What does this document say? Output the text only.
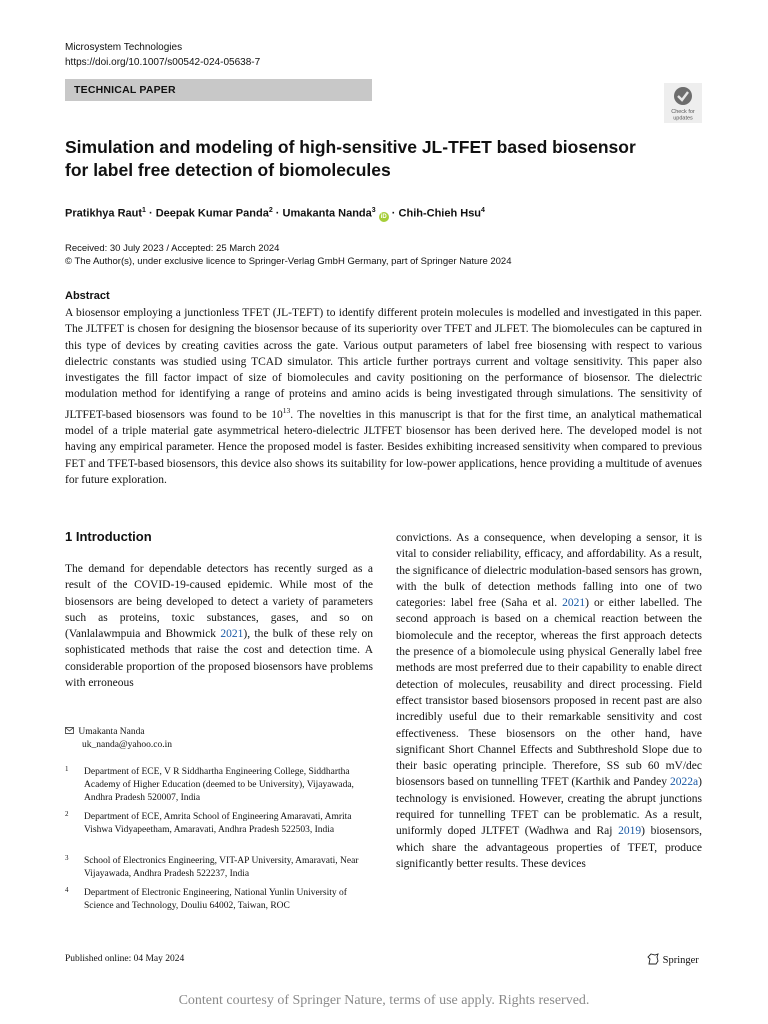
Microsystem Technologies
https://doi.org/10.1007/s00542-024-05638-7
TECHNICAL PAPER
Check for
updates
Simulation and modeling of high-sensitive JL-TFET based biosensor
for label free detection of biomolecules
Pratikhya Raut$^1$ · Deepak Kumar Panda$^2$ · Umakanta Nanda$^3$ iD · Chih-Chieh Hsu$^4$
Received: 30 July 2023 / Accepted: 25 March 2024
© The Author(s), under exclusive licence to Springer-Verlag GmbH Germany, part of Springer Nature 2024
Abstract
A biosensor employing a junctionless TFET (JL-TEFT) to identify different protein molecules is modelled and investigated in this paper. The JLTFET is chosen for designing the biosensor because of its superiority over TFET and JLFET. The biomolecules can be captured in this type of devices by creating cavities across the gate. Various output parameters of label free biosensing with respect to various dielectric constants was studied using TCAD simulator. This article further portrays current and voltage sensitivity. This paper also investigates the fill factor impact of size of biomolecules and cavity positioning on the performance of biosensor. The dielectric modulation method for identifying a range of proteins and amino acids is being investigated through simulations. The sensitivity of JLTFET-based biosensors was found to be $10^{13}$. The novelties in this manuscript is that for the first time, an analytical mathematical model of a triple material gate asymmetrical hetero-dielectric JLTFET biosensor has been derived here. The developed model is not having any empirical parameter. Hence the proposed model is faster. Besides exhibiting increased sensitivity when compared to previous FET and TFET-based biosensors, this device also shows its suitability for low-power applications, hence providing a multitude of avenues for future exploration.
1 Introduction
The demand for dependable detectors has recently surged as a result of the COVID-19-caused epidemic. While most of the biosensors are being developed to detect a variety of parameters such as proteins, toxic substances, gases, and so on (Vanlalawmpuia and Bhowmick 2021), the bulk of these rely on sophisticated methods that raise the cost and detection time. A considerable proportion of the proposed biosensors have problems with erroneous
convictions. As a consequence, when developing a sensor, it is vital to consider reliability, efficacy, and affordability. As a result, the significance of dielectric modulation-based sensors has grown, with the bulk of detection methods falling into one of two categories: label free (Saha et al. 2021) or either labelled. The second approach is based on a chemical reaction between the biomolecule and the receptor, whereas the first approach detects the presence of a biomolecule using physical Generally label free methods are most preferred due to their capability to enable direct detection of molecules, reusability and direct processing. Field effect transistor based biosensors proposed in recent past are also incredibly useful due to their remarkable sensitivity and cost effectiveness. These biosensors on the other hand, have significant Short Channel Effects and Subthreshold Slope due to their basic operating principle. Therefore, SS sub 60 mV/dec biosensors based on tunnelling TFET (Karthik and Pandey 2022a) technology is envisioned. However, creating the abrupt junctions required for tunnelling TFET can be problematic. As a result, uniformly doped JLTFET (Wadhwa and Raj 2019) biosensors, which share the advantageous properties of TFET, produce significantly better results. These devices
Umakanta Nanda
uk_nanda@yahoo.co.in
1 Department of ECE, V R Siddhartha Engineering College, Siddhartha Academy of Higher Education (deemed to be University), Vijayawada, Andhra Pradesh 520007, India
2 Department of ECE, Amrita School of Engineering Amaravati, Amrita Vishwa Vidyapeetham, Amaravati, Andhra Pradesh 522503, India
3 School of Electronics Engineering, VIT-AP University, Amaravati, Near Vijayawada, Andhra Pradesh 522237, India
4 Department of Electronic Engineering, National Yunlin University of Science and Technology, Douliu 64002, Taiwan, ROC
Published online: 04 May 2024	Springer
Content courtesy of Springer Nature, terms of use apply. Rights reserved.
